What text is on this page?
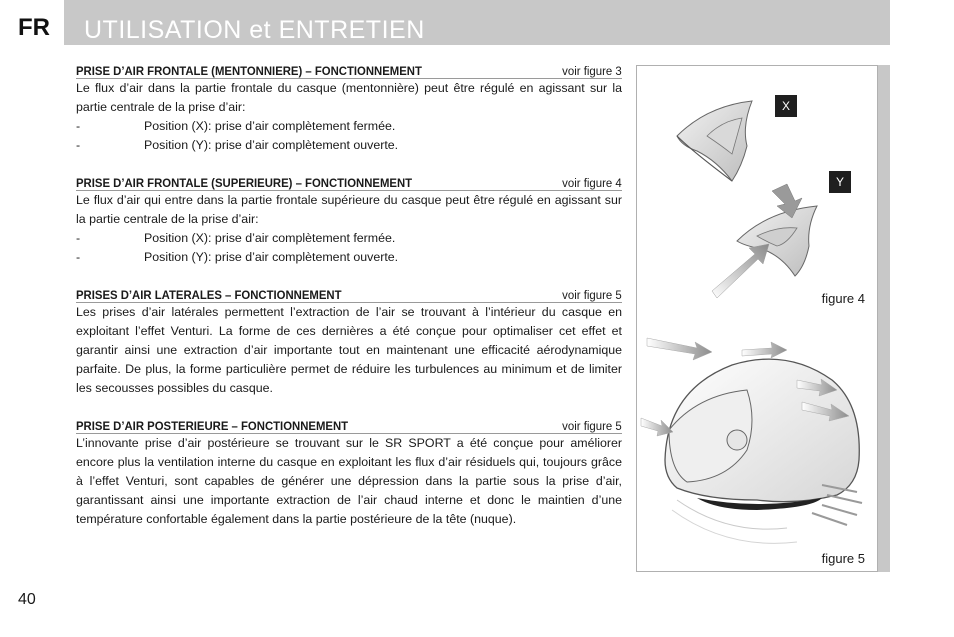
FR UTILISATION et ENTRETIEN
PRISE D’AIR FRONTALE (MENTONNIERE) – FONCTIONNEMENT	voir figure 3

Le flux d’air dans la partie frontale du casque (mentonnière) peut être régulé en agissant sur la partie centrale de la prise d’air:

-	Position (X): prise d’air complètement fermée.
-	Position (Y): prise d’air complètement ouverte.
PRISE D’AIR FRONTALE (SUPERIEURE) – FONCTIONNEMENT	voir figure 4

Le flux d’air qui entre dans la partie frontale supérieure du casque peut être régulé en agissant sur la partie centrale de la prise d’air:

-	Position (X): prise d’air complètement fermée.
-	Position (Y): prise d’air complètement ouverte.
PRISES D’AIR LATERALES – FONCTIONNEMENT	voir figure 5

Les prises d’air latérales permettent l’extraction de l’air se trouvant à l’intérieur du casque en exploitant l’effet Venturi. La forme de ces dernières a été conçue pour optimaliser cet effet et garantir ainsi une extraction d’air importante tout en maintenant une efficacité aérodynamique parfaite. De plus, la forme particulière permet de réduire les turbulences au minimum et de limiter les secousses possibles du casque.

PRISE D’AIR POSTERIEURE – FONCTIONNEMENT	voir figure 5

L’innovante prise d’air postérieure se trouvant sur le SR SPORT a été conçue pour améliorer encore plus la ventilation interne du casque en exploitant les flux d’air résiduels qui, toujours grâce à l’effet Venturi, sont capables de générer une dépression dans la partie sous la prise d’air, garantissant ainsi une importante extraction de l’air chaud interne et donc le maintien d’une température confortable également dans la partie postérieure de la tête (nuque).

X
Y
figure 4
figure 5
40
